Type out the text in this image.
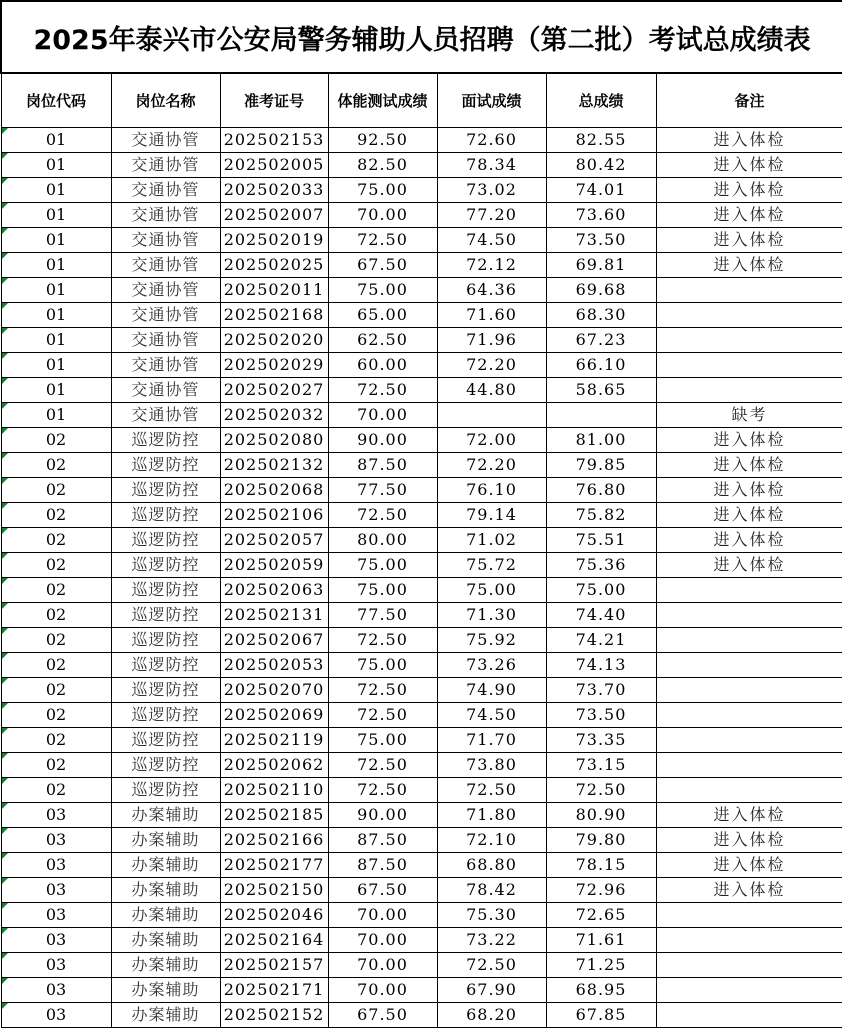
2025年泰兴市公安局警务辅助人员招聘（第二批）考试总成绩表						
岗位代码	岗位名称	准考证号	体能测试成绩	面试成绩	总成绩	备注
01	交通协管	202502153	92.50	72.60	82.55	进入体检
01	交通协管	202502005	82.50	78.34	80.42	进入体检
01	交通协管	202502033	75.00	73.02	74.01	进入体检
01	交通协管	202502007	70.00	77.20	73.60	进入体检
01	交通协管	202502019	72.50	74.50	73.50	进入体检
01	交通协管	202502025	67.50	72.12	69.81	进入体检
01	交通协管	202502011	75.00	64.36	69.68	
01	交通协管	202502168	65.00	71.60	68.30	
01	交通协管	202502020	62.50	71.96	67.23	
01	交通协管	202502029	60.00	72.20	66.10	
01	交通协管	202502027	72.50	44.80	58.65	
01	交通协管	202502032	70.00			缺考
02	巡逻防控	202502080	90.00	72.00	81.00	进入体检
02	巡逻防控	202502132	87.50	72.20	79.85	进入体检
02	巡逻防控	202502068	77.50	76.10	76.80	进入体检
02	巡逻防控	202502106	72.50	79.14	75.82	进入体检
02	巡逻防控	202502057	80.00	71.02	75.51	进入体检
02	巡逻防控	202502059	75.00	75.72	75.36	进入体检
02	巡逻防控	202502063	75.00	75.00	75.00	
02	巡逻防控	202502131	77.50	71.30	74.40	
02	巡逻防控	202502067	72.50	75.92	74.21	
02	巡逻防控	202502053	75.00	73.26	74.13	
02	巡逻防控	202502070	72.50	74.90	73.70	
02	巡逻防控	202502069	72.50	74.50	73.50	
02	巡逻防控	202502119	75.00	71.70	73.35	
02	巡逻防控	202502062	72.50	73.80	73.15	
02	巡逻防控	202502110	72.50	72.50	72.50	
03	办案辅助	202502185	90.00	71.80	80.90	进入体检
03	办案辅助	202502166	87.50	72.10	79.80	进入体检
03	办案辅助	202502177	87.50	68.80	78.15	进入体检
03	办案辅助	202502150	67.50	78.42	72.96	进入体检
03	办案辅助	202502046	70.00	75.30	72.65	
03	办案辅助	202502164	70.00	73.22	71.61	
03	办案辅助	202502157	70.00	72.50	71.25	
03	办案辅助	202502171	70.00	67.90	68.95	
03	办案辅助	202502152	67.50	68.20	67.85	
